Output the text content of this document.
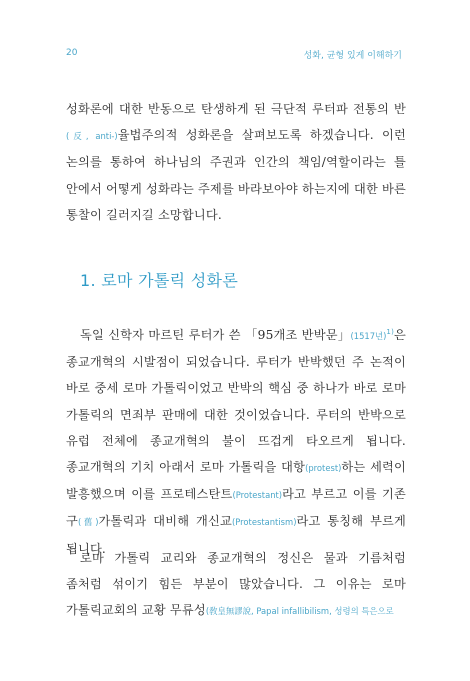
20	성화, 균형 있게 이해하기

성화론에 대한 반동으로 탄생하게 된 극단적 루터파 전통의 반(反, anti-)율법주의적 성화론을 살펴보도록 하겠습니다. 이런 논의를 통하여 하나님의 주권과 인간의 책임/역할이라는 틀 안에서 어떻게 성화라는 주제를 바라보아야 하는지에 대한 바른 통찰이 길러지길 소망합니다.

1. 로마 가톨릭 성화론

독일 신학자 마르틴 루터가 쓴 「95개조 반박문」(1517년)$^{1)}$은 종교개혁의 시발점이 되었습니다. 루터가 반박했던 주 논적이 바로 중세 로마 가톨릭이었고 반박의 핵심 중 하나가 바로 로마 가톨릭의 면죄부 판매에 대한 것이었습니다. 루터의 반박으로 유럽 전체에 종교개혁의 불이 뜨겁게 타오르게 됩니다. 종교개혁의 기치 아래서 로마 가톨릭을 대항(protest)하는 세력이 발흥했으며 이를 프로테스탄트(Protestant)라고 부르고 이를 기존 구(舊)가톨릭과 대비해 개신교(Protestantism)라고 통칭해 부르게 됩니다.

로마 가톨릭 교리와 종교개혁의 정신은 물과 기름처럼 좀처럼 섞이기 힘든 부분이 많았습니다. 그 이유는 로마 가톨릭교회의 교황 무류성(敎皇無謬說, Papal infallibilism, 성령의 특은으로
